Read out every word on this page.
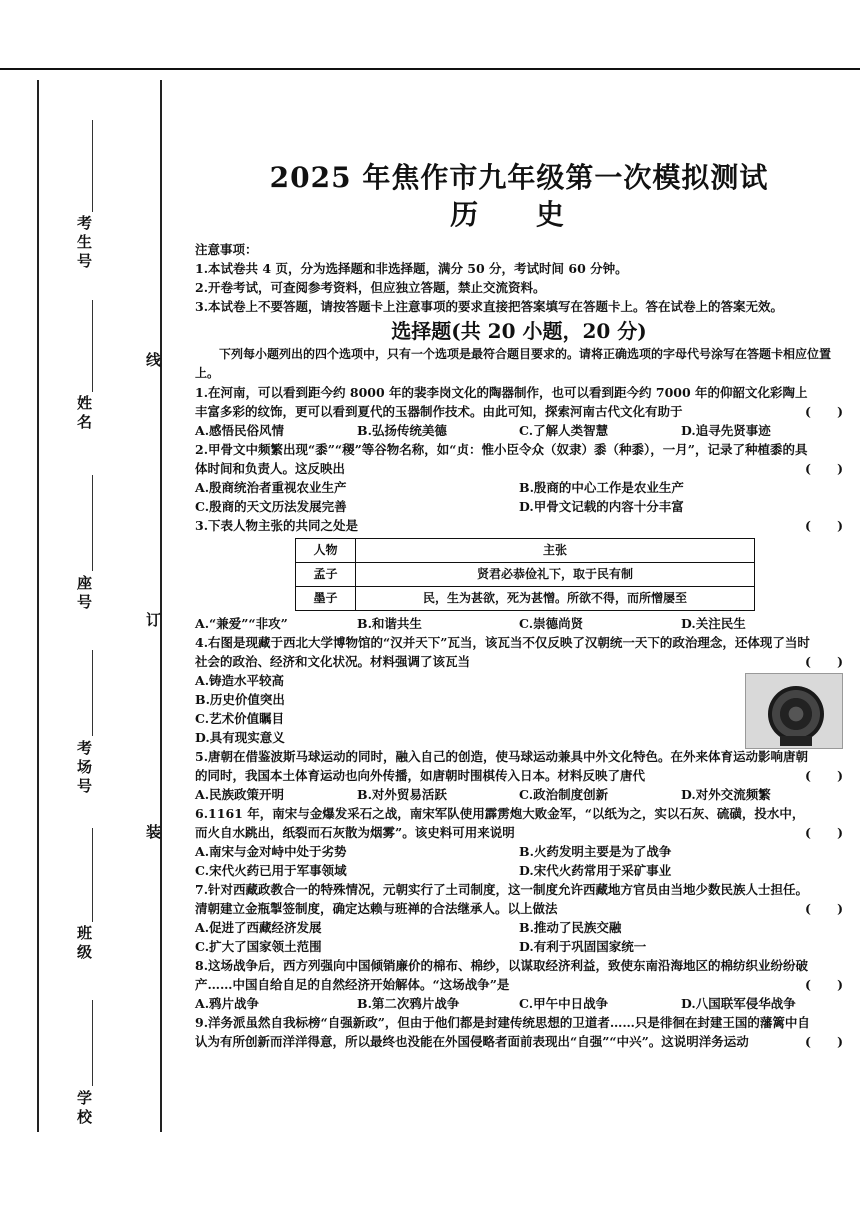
考生号
姓名
座号
考场号
班级
学校
线
订
装
2025 年焦作市九年级第一次模拟测试
历 史
注意事项：
1.本试卷共 4 页，分为选择题和非选择题，满分 50 分，考试时间 60 分钟。
2.开卷考试，可查阅参考资料，但应独立答题，禁止交流资料。
3.本试卷上不要答题，请按答题卡上注意事项的要求直接把答案填写在答题卡上。答在试卷上的答案无效。
选择题(共 20 小题，20 分)
下列每小题列出的四个选项中，只有一个选项是最符合题目要求的。请将正确选项的字母代号涂写在答题卡相应位置上。
1.在河南，可以看到距今约 8000 年的裴李岗文化的陶器制作，也可以看到距今约 7000 年的仰韶文化彩陶上丰富多彩的纹饰，更可以看到夏代的玉器制作技术。由此可知，探索河南古代文化有助于	(      )
A.感悟民俗风情	B.弘扬传统美德	C.了解人类智慧	D.追寻先贤事迹
2.甲骨文中频繁出现“黍”“稷”等谷物名称，如“贞：惟小臣令众（奴隶）黍（种黍），一月”，记录了种植黍的具体时间和负责人。这反映出	(      )
A.殷商统治者重视农业生产	B.殷商的中心工作是农业生产
C.殷商的天文历法发展完善	D.甲骨文记载的内容十分丰富
3.下表人物主张的共同之处是	(      )
人物	主张
孟子	贤君必恭俭礼下，取于民有制
墨子	民，生为甚欲，死为甚憎。所欲不得，而所憎屡至
A.“兼爱”“非攻”	B.和谐共生	C.崇德尚贤	D.关注民生
4.右图是现藏于西北大学博物馆的“汉并天下”瓦当，该瓦当不仅反映了汉朝统一天下的政治理念，还体现了当时社会的政治、经济和文化状况。材料强调了该瓦当	(      )
A.铸造水平较高
B.历史价值突出
C.艺术价值瞩目
D.具有现实意义
5.唐朝在借鉴波斯马球运动的同时，融入自己的创造，使马球运动兼具中外文化特色。在外来体育运动影响唐朝的同时，我国本土体育运动也向外传播，如唐朝时围棋传入日本。材料反映了唐代	(      )
A.民族政策开明	B.对外贸易活跃	C.政治制度创新	D.对外交流频繁
6.1161 年，南宋与金爆发采石之战，南宋军队使用霹雳炮大败金军，“以纸为之，实以石灰、硫磺，投水中，而火自水跳出，纸裂而石灰散为烟雾”。该史料可用来说明	(      )
A.南宋与金对峙中处于劣势	B.火药发明主要是为了战争
C.宋代火药已用于军事领域	D.宋代火药常用于采矿事业
7.针对西藏政教合一的特殊情况，元朝实行了土司制度，这一制度允许西藏地方官员由当地少数民族人士担任。清朝建立金瓶掣签制度，确定达赖与班禅的合法继承人。以上做法	(      )
A.促进了西藏经济发展	B.推动了民族交融
C.扩大了国家领土范围	D.有利于巩固国家统一
8.这场战争后，西方列强向中国倾销廉价的棉布、棉纱，以谋取经济利益，致使东南沿海地区的棉纺织业纷纷破产……中国自给自足的自然经济开始解体。“这场战争”是	(      )
A.鸦片战争	B.第二次鸦片战争	C.甲午中日战争	D.八国联军侵华战争
9.洋务派虽然自我标榜“自强新政”，但由于他们都是封建传统思想的卫道者……只是徘徊在封建王国的藩篱中自认为有所创新而洋洋得意，所以最终也没能在外国侵略者面前表现出“自强”“中兴”。这说明洋务运动	(      )
